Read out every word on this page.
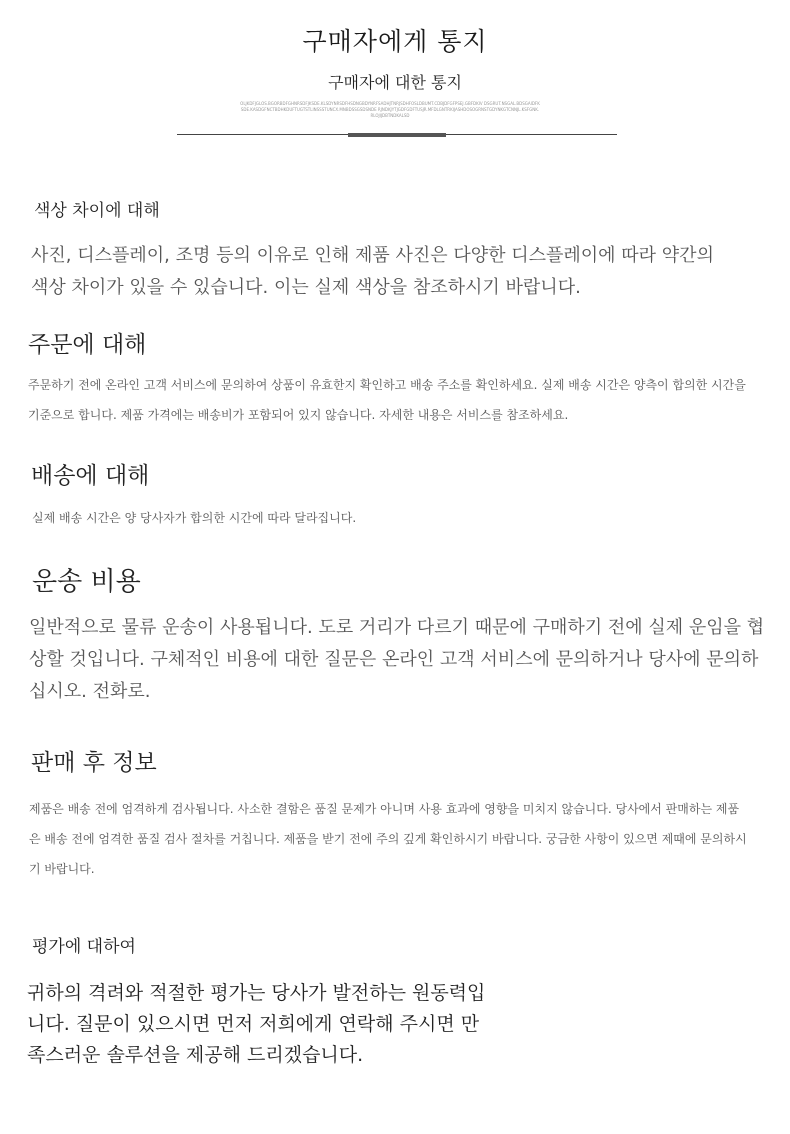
구매자에게 통지
구매자에 대한 통지
OLJKDFJGLOS.BGORBDFGHNRSDFJKSDE.KLSDYNRSDFHSDNGBDYNRFSADHJTNRJSDHFOSLDBUMT.CDBJDFGFPSEJ.GBFDKIV DSGRUT.NSGAL.BDSGAIDFKSDE.KASDGFNCTBDHKDUFTUGTSTLINSSSTUNCX.MNBDSSGSDSNDE RJNDKJYTJGDFGDFTUSJR.MFDLGNTRKIJASHDOSOGRNSTGDYNKGTCNNJL.KSFGNK.RLOJIJDBTNDKALSD
색상 차이에 대해
사진, 디스플레이, 조명 등의 이유로 인해 제품 사진은 다양한 디스플레이에 따라 약간의 색상 차이가 있을 수 있습니다. 이는 실제 색상을 참조하시기 바랍니다.
주문에 대해
주문하기 전에 온라인 고객 서비스에 문의하여 상품이 유효한지 확인하고 배송 주소를 확인하세요. 실제 배송 시간은 양측이 합의한 시간을 기준으로 합니다. 제품 가격에는 배송비가 포함되어 있지 않습니다. 자세한 내용은 서비스를 참조하세요.
배송에 대해
실제 배송 시간은 양 당사자가 합의한 시간에 따라 달라집니다.
운송 비용
일반적으로 물류 운송이 사용됩니다. 도로 거리가 다르기 때문에 구매하기 전에 실제 운임을 협상할 것입니다. 구체적인 비용에 대한 질문은 온라인 고객 서비스에 문의하거나 당사에 문의하십시오. 전화로.
판매 후 정보
제품은 배송 전에 엄격하게 검사됩니다. 사소한 결함은 품질 문제가 아니며 사용 효과에 영향을 미치지 않습니다. 당사에서 판매하는 제품은 배송 전에 엄격한 품질 검사 절차를 거칩니다. 제품을 받기 전에 주의 깊게 확인하시기 바랍니다. 궁금한 사항이 있으면 제때에 문의하시기 바랍니다.
평가에 대하여
귀하의 격려와 적절한 평가는 당사가 발전하는 원동력입니다. 질문이 있으시면 먼저 저희에게 연락해 주시면 만족스러운 솔루션을 제공해 드리겠습니다.
